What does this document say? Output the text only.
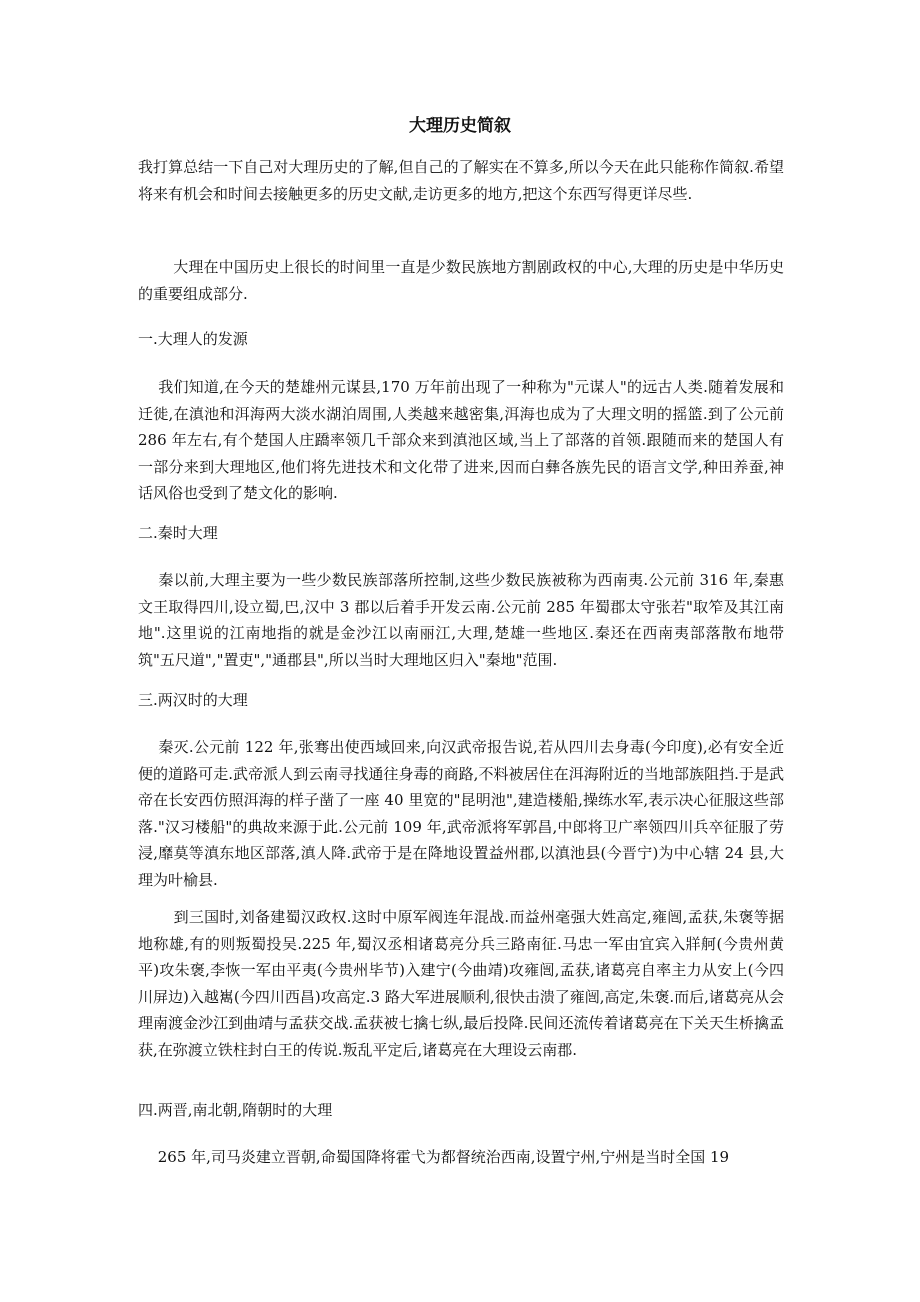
大理历史简叙

我打算总结一下自己对大理历史的了解,但自己的了解实在不算多,所以今天在此只能称作简叙.希望将来有机会和时间去接触更多的历史文献,走访更多的地方,把这个东西写得更详尽些.

　　 大理在中国历史上很长的时间里一直是少数民族地方割剧政权的中心,大理的历史是中华历史的重要组成部分.

一.大理人的发源

　 我们知道,在今天的楚雄州元谋县,170 万年前出现了一种称为"元谋人"的远古人类.随着发展和迁徙,在滇池和洱海两大淡水湖泊周围,人类越来越密集,洱海也成为了大理文明的摇篮.到了公元前 286 年左右,有个楚国人庄蹻率领几千部众来到滇池区域,当上了部落的首领.跟随而来的楚国人有一部分来到大理地区,他们将先进技术和文化带了进来,因而白彝各族先民的语言文学,种田养蚕,神话风俗也受到了楚文化的影响.

二.秦时大理

　 秦以前,大理主要为一些少数民族部落所控制,这些少数民族被称为西南夷.公元前 316 年,秦惠文王取得四川,设立蜀,巴,汉中 3 郡以后着手开发云南.公元前 285 年蜀郡太守张若"取笮及其江南地".这里说的江南地指的就是金沙江以南丽江,大理,楚雄一些地区.秦还在西南夷部落散布地带筑"五尺道","置吏","通郡县",所以当时大理地区归入"秦地"范围.

三.两汉时的大理

　 秦灭.公元前 122 年,张骞出使西域回来,向汉武帝报告说,若从四川去身毒(今印度),必有安全近便的道路可走.武帝派人到云南寻找通往身毒的商路,不料被居住在洱海附近的当地部族阻挡.于是武帝在长安西仿照洱海的样子凿了一座 40 里宽的"昆明池",建造楼船,操练水军,表示决心征服这些部落."汉习楼船"的典故来源于此.公元前 109 年,武帝派将军郭昌,中郎将卫广率领四川兵卒征服了劳浸,靡莫等滇东地区部落,滇人降.武帝于是在降地设置益州郡,以滇池县(今晋宁)为中心辖 24 县,大理为叶榆县.

　　 到三国时,刘备建蜀汉政权.这时中原军阀连年混战.而益州毫强大姓高定,雍闿,孟获,朱褒等据地称雄,有的则叛蜀投吴.225 年,蜀汉丞相诸葛亮分兵三路南征.马忠一军由宜宾入牂舸(今贵州黄平)攻朱褒,李恢一军由平夷(今贵州毕节)入建宁(今曲靖)攻雍闿,孟获,诸葛亮自率主力从安上(今四川屏边)入越嶲(今四川西昌)攻高定.3 路大军进展顺利,很快击溃了雍闿,高定,朱褒.而后,诸葛亮从会理南渡金沙江到曲靖与孟获交战.孟获被七擒七纵,最后投降.民间还流传着诸葛亮在下关天生桥擒孟获,在弥渡立铁柱封白王的传说.叛乱平定后,诸葛亮在大理设云南郡.

四.两晋,南北朝,隋朝时的大理

　 265 年,司马炎建立晋朝,命蜀国降将霍弋为都督统治西南,设置宁州,宁州是当时全国 19
